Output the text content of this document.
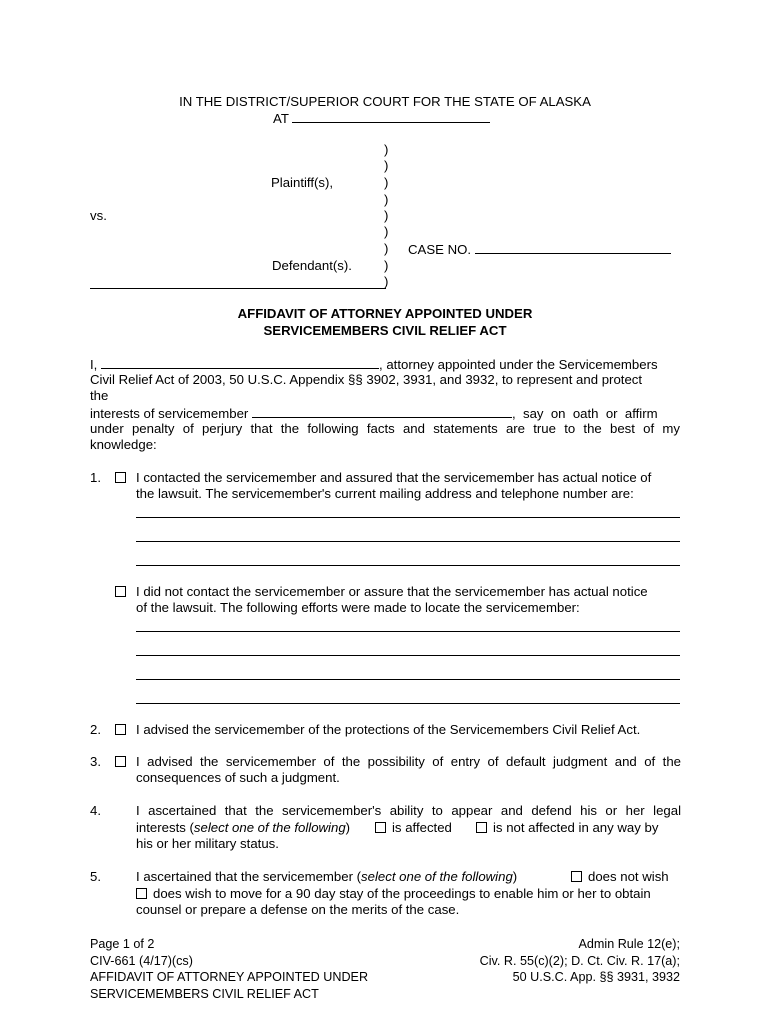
IN THE DISTRICT/SUPERIOR COURT FOR THE STATE OF ALASKA
AT
)
)
)
)
)
)
)
)
)
Plaintiff(s),
vs.
Defendant(s).
CASE NO.
AFFIDAVIT OF ATTORNEY APPOINTED UNDER
SERVICEMEMBERS CIVIL RELIEF ACT
I,	, attorney appointed under the Servicemembers
Civil Relief Act of 2003, 50 U.S.C. Appendix §§ 3902, 3931, and 3932, to represent and protect
the
interests of servicemember	,  say  on  oath  or  affirm
under penalty of perjury that the following facts and statements are true to the best of my
knowledge:
1.	I contacted the servicemember and assured that the servicemember has actual notice of
the lawsuit. The servicemember's current mailing address and telephone number are:
I did not contact the servicemember or assure that the servicemember has actual notice
of the lawsuit. The following efforts were made to locate the servicemember:
2.	I advised the servicemember of the protections of the Servicemembers Civil Relief Act.
3.	I advised the servicemember of the possibility of entry of default judgment and of the
consequences of such a judgment.
4.	I ascertained that the servicemember's ability to appear and defend his or her legal
interests (select one of the following)	is affected	is not affected in any way by
his or her military status.
5.	I ascertained that the servicemember (select one of the following)	does not wish
does wish to move for a 90 day stay of the proceedings to enable him or her to obtain
counsel or prepare a defense on the merits of the case.
Page 1 of 2
CIV-661 (4/17)(cs)
AFFIDAVIT OF ATTORNEY APPOINTED UNDER
SERVICEMEMBERS CIVIL RELIEF ACT
Admin Rule 12(e);
Civ. R. 55(c)(2); D. Ct. Civ. R. 17(a);
50 U.S.C. App. §§ 3931, 3932
